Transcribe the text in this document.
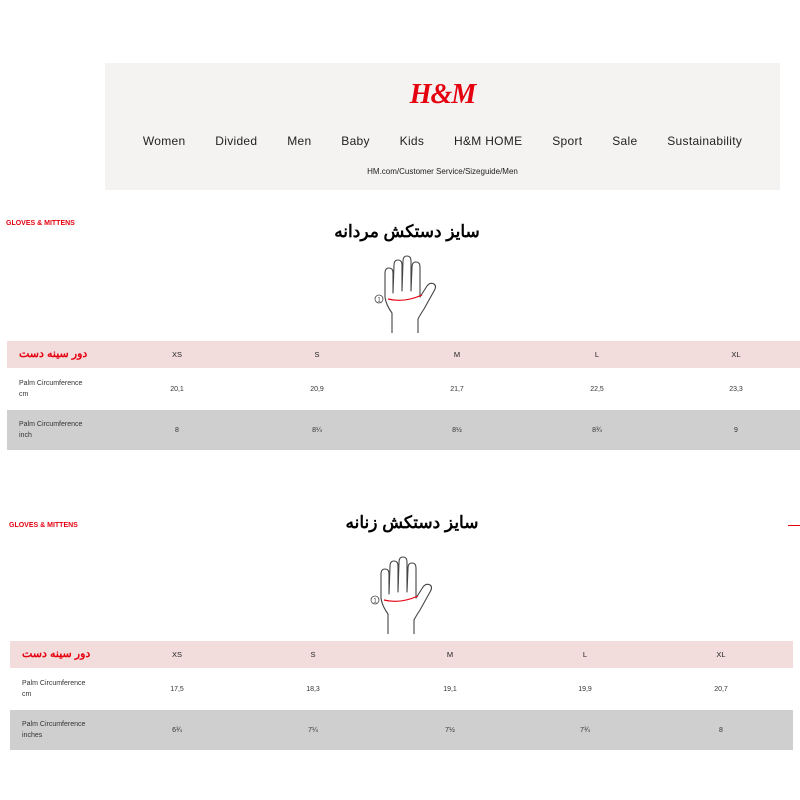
H&M
Women Divided Men Baby Kids H&M HOME Sport Sale Sustainability
HM.com/Customer Service/Sizeguide/Men
GLOVES & MITTENS	سایز دستکش مردانه
1
دور سینه دست	XS	S	M	L	XL
Palm Circumference
cm
20,1	20,9	21,7	22,5	23,3
Palm Circumference
inch
8	8¼	8½	8¾	9
GLOVES & MITTENS	سایز دستکش زنانه
1
دور سینه دست	XS	S	M	L	XL
Palm Circumference
cm
17,5	18,3	19,1	19,9	20,7
Palm Circumference
inches
6¾	7¼	7½	7¾	8
